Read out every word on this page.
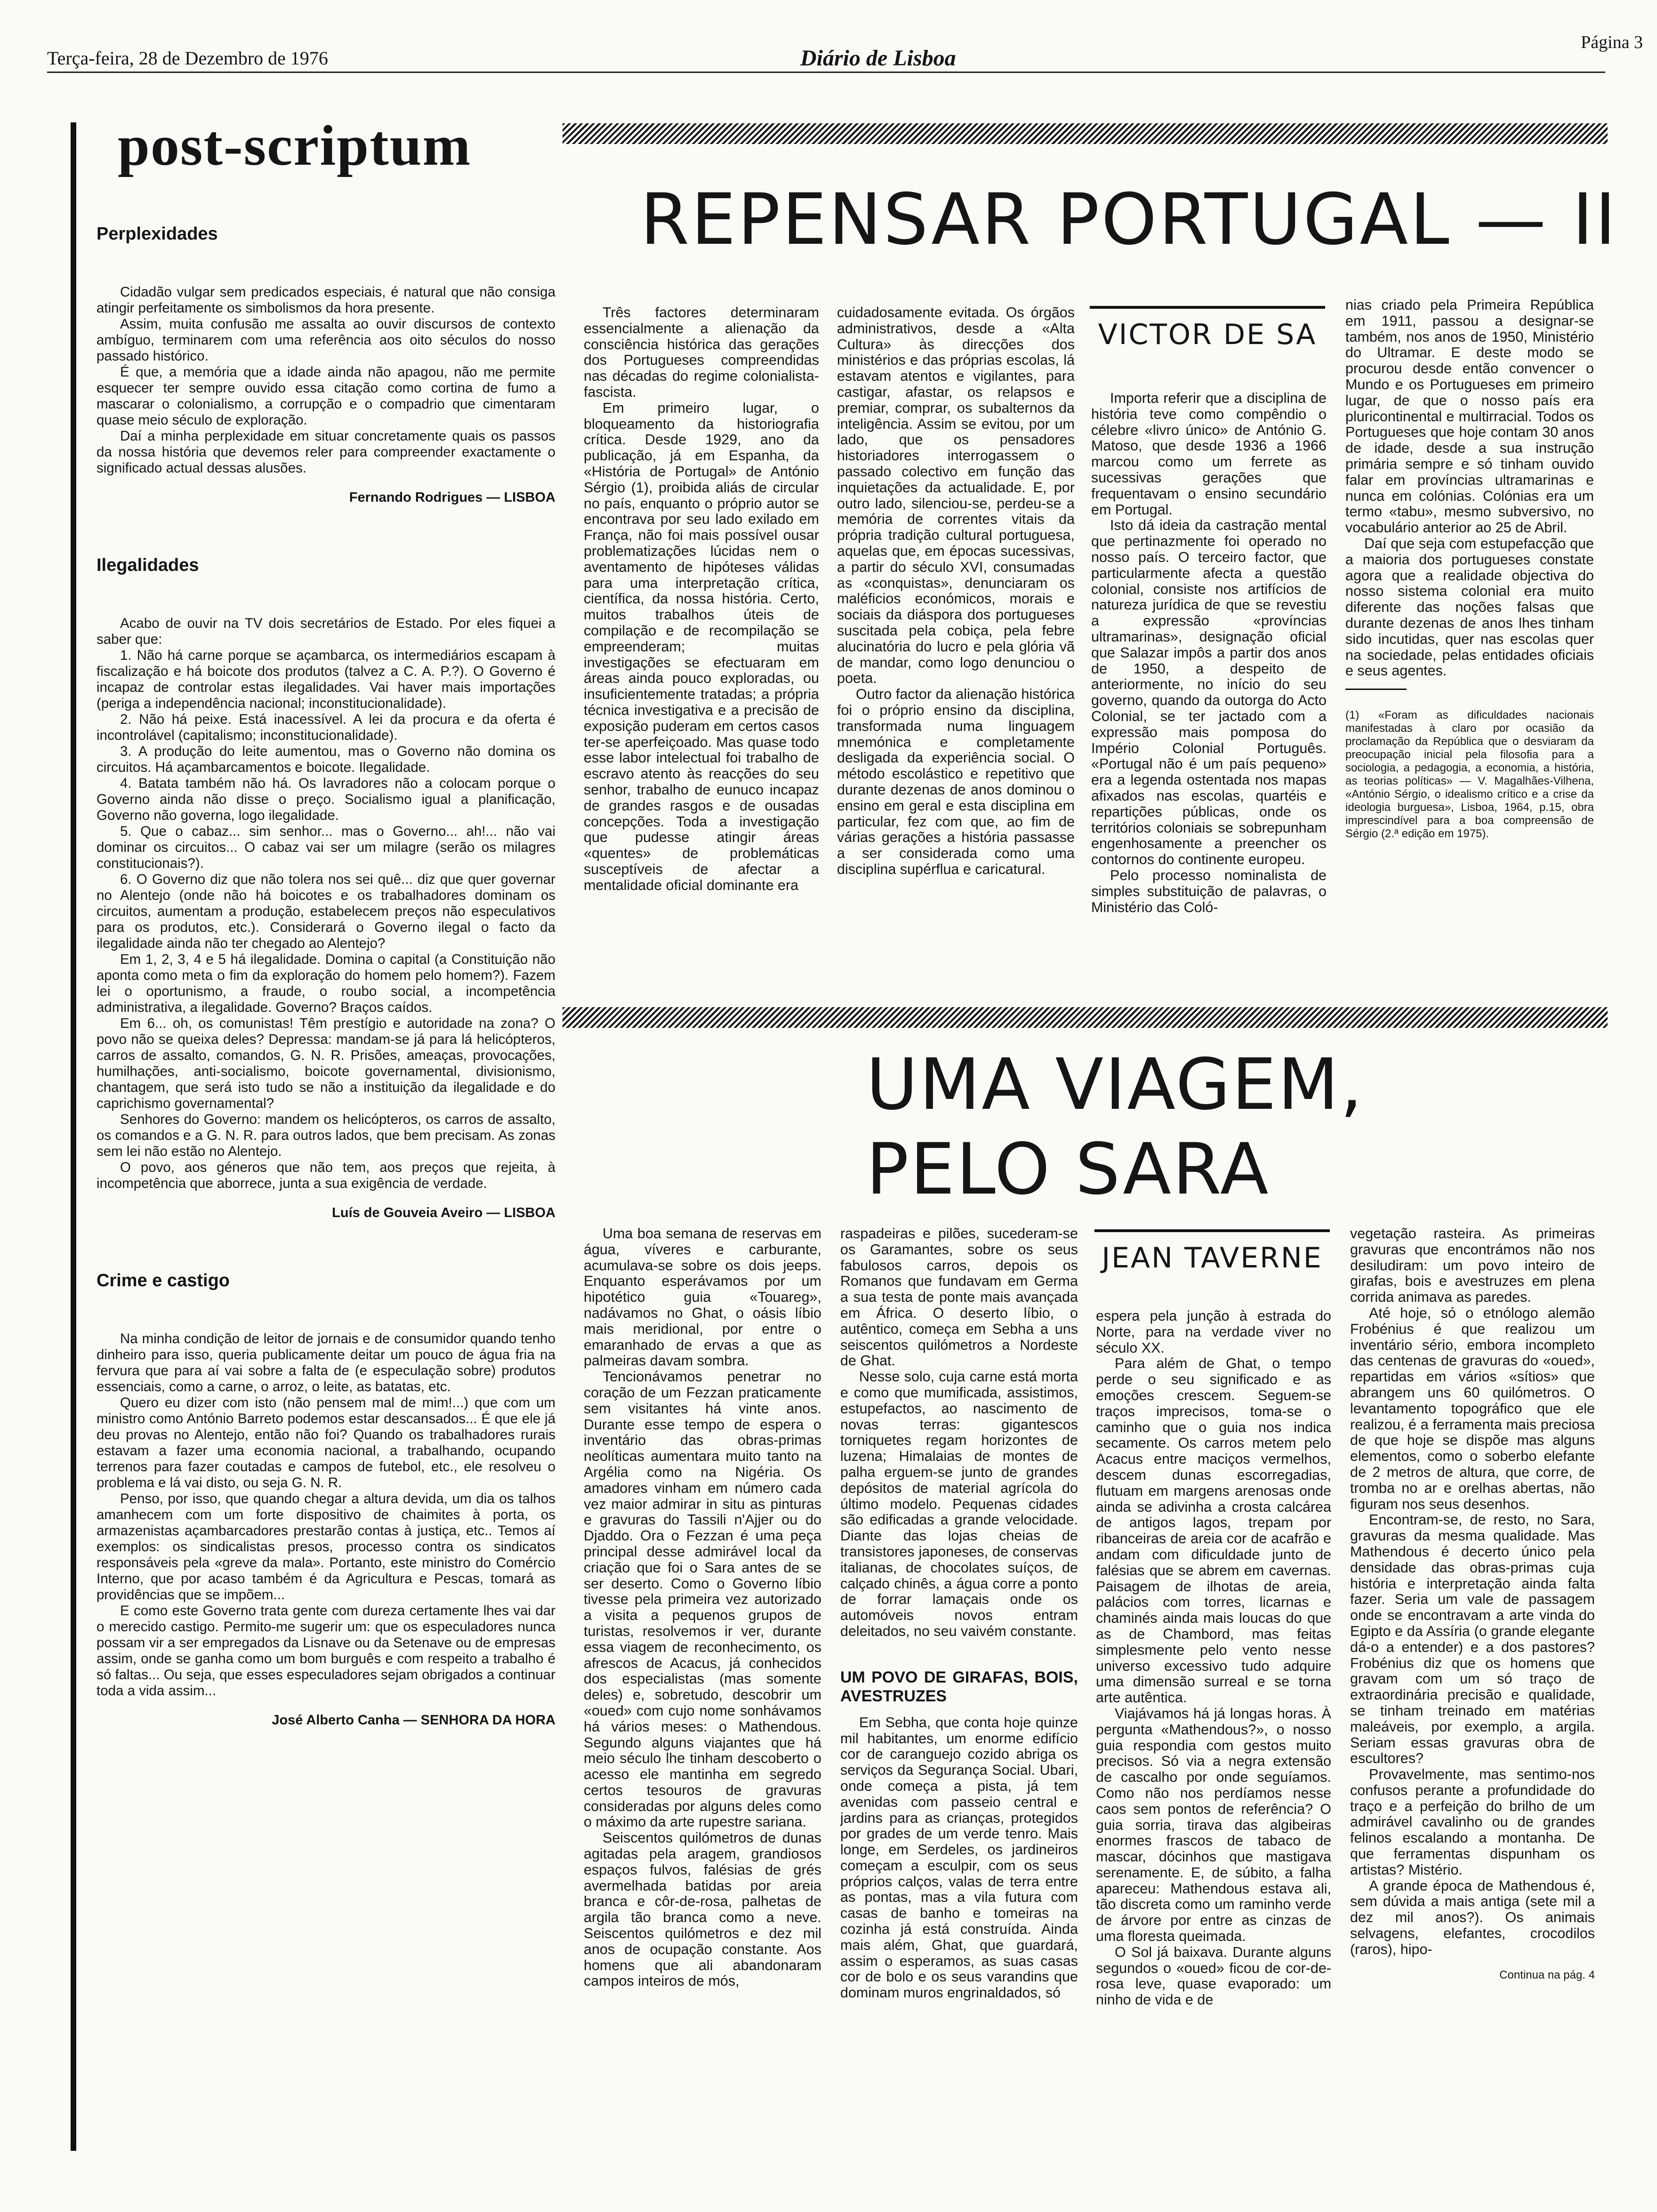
Terça-feira, 28 de Dezembro de 1976	Diário de Lisboa
Página 3
post-scriptum
Perplexidades

Cidadão vulgar sem predicados especiais, é natural que não consiga atingir perfeitamente os simbolismos da hora presente.

Assim, muita confusão me assalta ao ouvir discursos de contexto ambíguo, terminarem com uma referência aos oito séculos do nosso passado histórico.

É que, a memória que a idade ainda não apagou, não me permite esquecer ter sempre ouvido essa citação como cortina de fumo a mascarar o colonialismo, a corrupção e o compadrio que cimentaram quase meio século de exploração.

Daí a minha perplexidade em situar concretamente quais os passos da nossa história que devemos reler para compreender exactamente o significado actual dessas alusões.

Fernando Rodrigues — LISBOA
Ilegalidades

Acabo de ouvir na TV dois secretários de Estado. Por eles fiquei a saber que:

1. Não há carne porque se açambarca, os intermediários escapam à fiscalização e há boicote dos produtos (talvez a C. A. P.?). O Governo é incapaz de controlar estas ilegalidades. Vai haver mais importações (periga a independência nacional; inconstitucionalidade).

2. Não há peixe. Está inacessível. A lei da procura e da oferta é incontrolável (capitalismo; inconstitucionalidade).

3. A produção do leite aumentou, mas o Governo não domina os circuitos. Há açambarcamentos e boicote. Ilegalidade.

4. Batata também não há. Os lavradores não a colocam porque o Governo ainda não disse o preço. Socialismo igual a planificação, Governo não governa, logo ilegalidade.

5. Que o cabaz... sim senhor... mas o Governo... ah!... não vai dominar os circuitos... O cabaz vai ser um milagre (serão os milagres constitucionais?).

6. O Governo diz que não tolera nos sei quê... diz que quer governar no Alentejo (onde não há boicotes e os trabalhadores dominam os circuitos, aumentam a produção, estabelecem preços não especulativos para os produtos, etc.). Considerará o Governo ilegal o facto da ilegalidade ainda não ter chegado ao Alentejo?

Em 1, 2, 3, 4 e 5 há ilegalidade. Domina o capital (a Constituição não aponta como meta o fim da exploração do homem pelo homem?). Fazem lei o oportunismo, a fraude, o roubo social, a incompetência administrativa, a ilegalidade. Governo? Braços caídos.

Em 6... oh, os comunistas! Têm prestígio e autoridade na zona? O povo não se queixa deles? Depressa: mandam-se já para lá helicópteros, carros de assalto, comandos, G. N. R. Prisões, ameaças, provocações, humilhações, anti-socialismo, boicote governamental, divisionismo, chantagem, que será isto tudo se não a instituição da ilegalidade e do caprichismo governamental?

Senhores do Governo: mandem os helicópteros, os carros de assalto, os comandos e a G. N. R. para outros lados, que bem precisam. As zonas sem lei não estão no Alentejo.

O povo, aos géneros que não tem, aos preços que rejeita, à incompetência que aborrece, junta a sua exigência de verdade.

Luís de Gouveia Aveiro — LISBOA
Crime e castigo

Na minha condição de leitor de jornais e de consumidor quando tenho dinheiro para isso, queria publicamente deitar um pouco de água fria na fervura que para aí vai sobre a falta de (e especulação sobre) produtos essenciais, como a carne, o arroz, o leite, as batatas, etc.

Quero eu dizer com isto (não pensem mal de mim!...) que com um ministro como António Barreto podemos estar descansados... É que ele já deu provas no Alentejo, então não foi? Quando os trabalhadores rurais estavam a fazer uma economia nacional, a trabalhando, ocupando terrenos para fazer coutadas e campos de futebol, etc., ele resolveu o problema e lá vai disto, ou seja G. N. R.

Penso, por isso, que quando chegar a altura devida, um dia os talhos amanhecem com um forte dispositivo de chaimites à porta, os armazenistas açambarcadores prestarão contas à justiça, etc.. Temos aí exemplos: os sindicalistas presos, processo contra os sindicatos responsáveis pela «greve da mala». Portanto, este ministro do Comércio Interno, que por acaso também é da Agricultura e Pescas, tomará as providências que se impõem...

E como este Governo trata gente com dureza certamente lhes vai dar o merecido castigo. Permito-me sugerir um: que os especuladores nunca possam vir a ser empregados da Lisnave ou da Setenave ou de empresas assim, onde se ganha como um bom burguês e com respeito a trabalho é só faltas... Ou seja, que esses especuladores sejam obrigados a continuar toda a vida assim...

José Alberto Canha — SENHORA DA HORA
REPENSAR PORTUGAL — II

Três factores determinaram essencialmente a alienação da consciência histórica das gerações dos Portugueses compreendidas nas décadas do regime colonialista-fascista.

Em primeiro lugar, o bloqueamento da historiografia crítica. Desde 1929, ano da publicação, já em Espanha, da «História de Portugal» de António Sérgio (1), proibida aliás de circular no país, enquanto o próprio autor se encontrava por seu lado exilado em França, não foi mais possível ousar problematizações lúcidas nem o aventamento de hipóteses válidas para uma interpretação crítica, científica, da nossa história. Certo, muitos trabalhos úteis de compilação e de recompilação se empreenderam; muitas investigações se efectuaram em áreas ainda pouco exploradas, ou insuficientemente tratadas; a própria técnica investigativa e a precisão de exposição puderam em certos casos ter-se aperfeiçoado. Mas quase todo esse labor intelectual foi trabalho de escravo atento às reacções do seu senhor, trabalho de eunuco incapaz de grandes rasgos e de ousadas concepções. Toda a investigação que pudesse atingir áreas «quentes» de problemáticas susceptíveis de afectar a mentalidade oficial dominante era

cuidadosamente evitada. Os órgãos administrativos, desde a «Alta Cultura» às direcções dos ministérios e das próprias escolas, lá estavam atentos e vigilantes, para castigar, afastar, os relapsos e premiar, comprar, os subalternos da inteligência. Assim se evitou, por um lado, que os pensadores historiadores interrogassem o passado colectivo em função das inquietações da actualidade. E, por outro lado, silenciou-se, perdeu-se a memória de correntes vitais da própria tradição cultural portuguesa, aquelas que, em épocas sucessivas, a partir do século XVI, consumadas as «conquistas», denunciaram os maléficios económicos, morais e sociais da diáspora dos portugueses suscitada pela cobiça, pela febre alucinatória do lucro e pela glória vã de mandar, como logo denunciou o poeta.

Outro factor da alienação histórica foi o próprio ensino da disciplina, transformada numa linguagem mnemónica e completamente desligada da experiência social. O método escolástico e repetitivo que durante dezenas de anos dominou o ensino em geral e esta disciplina em particular, fez com que, ao fim de várias gerações a história passasse a ser considerada como uma disciplina supérflua e caricatural.

VICTOR DE SA

Importa referir que a disciplina de história teve como compêndio o célebre «livro único» de António G. Matoso, que desde 1936 a 1966 marcou como um ferrete as sucessivas gerações que frequentavam o ensino secundário em Portugal.

Isto dá ideia da castração mental que pertinazmente foi operado no nosso país. O terceiro factor, que particularmente afecta a questão colonial, consiste nos artifícios de natureza jurídica de que se revestiu a expressão «províncias ultramarinas», designação oficial que Salazar impôs a partir dos anos de 1950, a despeito de anteriormente, no início do seu governo, quando da outorga do Acto Colonial, se ter jactado com a expressão mais pomposa do Império Colonial Português. «Portugal não é um país pequeno» era a legenda ostentada nos mapas afixados nas escolas, quartéis e repartições públicas, onde os territórios coloniais se sobrepunham engenhosamente a preencher os contornos do continente europeu.

Pelo processo nominalista de simples substituição de palavras, o Ministério das Coló-

nias criado pela Primeira República em 1911, passou a designar-se também, nos anos de 1950, Ministério do Ultramar. E deste modo se procurou desde então convencer o Mundo e os Portugueses em primeiro lugar, de que o nosso país era pluricontinental e multirracial. Todos os Portugueses que hoje contam 30 anos de idade, desde a sua instrução primária sempre e só tinham ouvido falar em províncias ultramarinas e nunca em colónias. Colónias era um termo «tabu», mesmo subversivo, no vocabulário anterior ao 25 de Abril.

Daí que seja com estupefacção que a maioria dos portugueses constate agora que a realidade objectiva do nosso sistema colonial era muito diferente das noções falsas que durante dezenas de anos lhes tinham sido incutidas, quer nas escolas quer na sociedade, pelas entidades oficiais e seus agentes.

(1) «Foram as dificuldades nacionais manifestadas à claro por ocasião da proclamação da República que o desviaram da preocupação inicial pela filosofia para a sociologia, a pedagogia, a economia, a história, as teorias políticas» — V. Magalhães-Vilhena, «António Sérgio, o idealismo crítico e a crise da ideologia burguesa», Lisboa, 1964, p.15, obra imprescindível para a boa compreensão de Sérgio (2.ª edição em 1975).
UMA VIAGEM,
PELO SARA

Uma boa semana de reservas em água, víveres e carburante, acumulava-se sobre os dois jeeps. Enquanto esperávamos por um hipotético guia «Touareg», nadávamos no Ghat, o oásis líbio mais meridional, por entre o emaranhado de ervas a que as palmeiras davam sombra.

Tencionávamos penetrar no coração de um Fezzan praticamente sem visitantes há vinte anos. Durante esse tempo de espera o inventário das obras-primas neolíticas aumentara muito tanto na Argélia como na Nigéria. Os amadores vinham em número cada vez maior admirar in situ as pinturas e gravuras do Tassili n'Ajjer ou do Djaddo. Ora o Fezzan é uma peça principal desse admirável local da criação que foi o Sara antes de se ser deserto. Como o Governo líbio tivesse pela primeira vez autorizado a visita a pequenos grupos de turistas, resolvemos ir ver, durante essa viagem de reconhecimento, os afrescos de Acacus, já conhecidos dos especialistas (mas somente deles) e, sobretudo, descobrir um «oued» com cujo nome sonhávamos há vários meses: o Mathendous. Segundo alguns viajantes que há meio século lhe tinham descoberto o acesso ele mantinha em segredo certos tesouros de gravuras consideradas por alguns deles como o máximo da arte rupestre sariana.

Seiscentos quilómetros de dunas agitadas pela aragem, grandiosos espaços fulvos, falésias de grés avermelhada batidas por areia branca e côr-de-rosa, palhetas de argila tão branca como a neve. Seiscentos quilómetros e dez mil anos de ocupação constante. Aos homens que ali abandonaram campos inteiros de mós,

raspadeiras e pilões, sucederam-se os Garamantes, sobre os seus fabulosos carros, depois os Romanos que fundavam em Germa a sua testa de ponte mais avançada em África. O deserto líbio, o autêntico, começa em Sebha a uns seiscentos quilómetros a Nordeste de Ghat.

Nesse solo, cuja carne está morta e como que mumificada, assistimos, estupefactos, ao nascimento de novas terras: gigantescos tornіquetes regam horizontes de luzena; Himalaias de montes de palha erguem-se junto de grandes depósitos de material agrícola do último modelo. Pequenas cidades são edificadas a grande velocidade. Diante das lojas cheias de transistores japoneses, de conservas italianas, de chocolates suíços, de calçado chinês, a água corre a ponto de forrar lamaçais onde os automóveis novos entram deleitados, no seu vaivém constante.

UM POVO DE GIRAFAS, BOIS, AVESTRUZES

Em Sebha, que conta hoje quinze mil habitantes, um enorme edifício cor de caranguejo cozido abriga os serviços da Segurança Social. Ubari, onde começa a pista, já tem avenidas com passeio central e jardins para as crianças, protegidos por grades de um verde tenro. Mais longe, em Serdeles, os jardineiros começam a esculpir, com os seus próprios calços, valas de terra entre as pontas, mas a vila futura com casas de banho e tomeiras na cozinha já está construída. Ainda mais além, Ghat, que guardará, assim o esperamos, as suas casas cor de bolo e os seus varandins que dominam muros engrinaldados, só

JEAN TAVERNE

espera pela junção à estrada do Norte, para na verdade viver no século XX.

Para além de Ghat, o tempo perde o seu significado e as emoções crescem. Seguem-se traços imprecisos, toma-se o caminho que o guia nos indica secamente. Os carros metem pelo Acacus entre maciços vermelhos, descem dunas escorregadias, flutuam em margens arenosas onde ainda se adivinha a crosta calcárea de antigos lagos, trepam por ribanceiras de areia cor de acafrão e andam com dificuldade junto de falésias que se abrem em cavernas. Paisagem de ilhotas de areia, palácios com torres, licarnas e chaminés ainda mais loucas do que as de Chambord, mas feitas simplesmente pelo vento nesse universo excessivo tudo adquire uma dimensão surreal e se torna arte autêntica.

Viajávamos há já longas horas. À pergunta «Mathendous?», o nosso guia respondia com gestos muito precisos. Só via a negra extensão de cascalho por onde seguíamos. Como não nos perdíamos nesse caos sem pontos de referência? O guia sorria, tirava das algibeiras enormes frascos de tabaco de mascar, dócinhos que mastigava serenamente. E, de súbito, a falha apareceu: Mathendous estava ali, tão discreta como um raminho verde de árvore por entre as cinzas de uma floresta queimada.

O Sol já baixava. Durante alguns segundos o «oued» ficou de cor-de-rosa leve, quase evaporado: um ninho de vida e de

vegetação rasteira. As primeiras gravuras que encontrámos não nos desiludiram: um povo inteiro de girafas, bois e avestruzes em plena corrida animava as paredes.

Até hoje, só o etnólogo alemão Frobénius é que realizou um inventário sério, embora incompleto das centenas de gravuras do «oued», repartidas em vários «sítios» que abrangem uns 60 quilómetros. O levantamento topográfico que ele realizou, é a ferramenta mais preciosa de que hoje se dispõe mas alguns elementos, como o soberbo elefante de 2 metros de altura, que corre, de tromba no ar e orelhas abertas, não figuram nos seus desenhos.

Encontram-se, de resto, no Sara, gravuras da mesma qualidade. Mas Mathendous é decerto único pela densidade das obras-primas cuja história e interpretação ainda falta fazer. Seria um vale de passagem onde se encontravam a arte vinda do Egipto e da Assíria (o grande elegante dá-o a entender) e a dos pastores? Frobénius diz que os homens que gravam com um só traço de extraordinária precisão e qualidade, se tinham treinado em matérias maleáveis, por exemplo, a argila. Seriam essas gravuras obra de escultores?

Provavelmente, mas sentimo-nos confusos perante a profundidade do traço e a perfeição do brilho de um admirável cavalinho ou de grandes felinos escalando a montanha. De que ferramentas dispunham os artistas? Mistério.

A grande época de Mathendous é, sem dúvida a mais antiga (sete mil a dez mil anos?). Os animais selvagens, elefantes, crocodilos (raros), hipo-

Continua na pág. 4
